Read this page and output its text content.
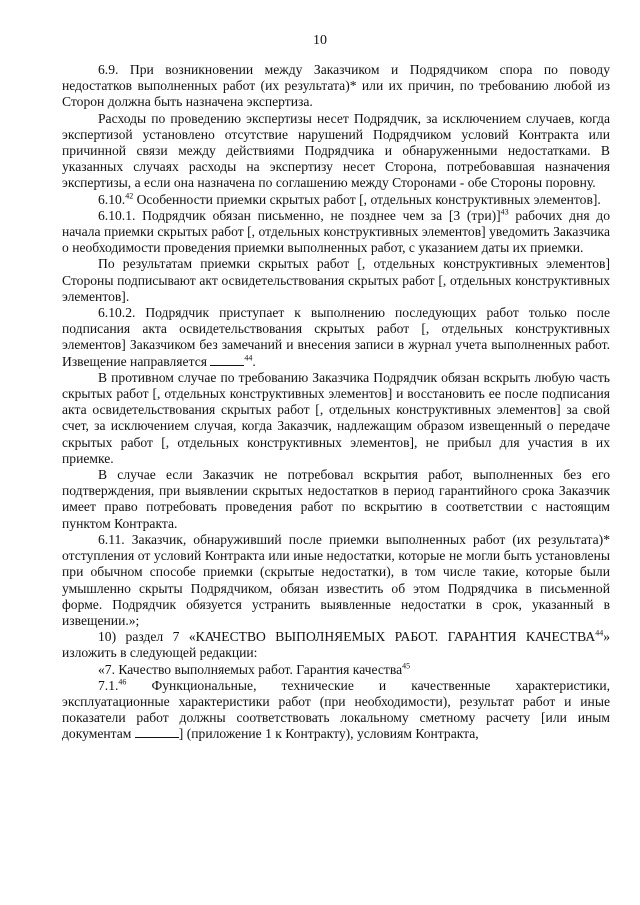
10

6.9. При возникновении между Заказчиком и Подрядчиком спора по поводу недостатков выполненных работ (их результата)* или их причин, по требованию любой из Сторон должна быть назначена экспертиза.

Расходы по проведению экспертизы несет Подрядчик, за исключением случаев, когда экспертизой установлено отсутствие нарушений Подрядчиком условий Контракта или причинной связи между действиями Подрядчика и обнаруженными недостатками. В указанных случаях расходы на экспертизу несет Сторона, потребовавшая назначения экспертизы, а если она назначена по соглашению между Сторонами - обе Стороны поровну.

6.10.42 Особенности приемки скрытых работ [, отдельных конструктивных элементов].

6.10.1. Подрядчик обязан письменно, не позднее чем за [3 (три)]$^{43}$ рабочих дня до начала приемки скрытых работ [, отдельных конструктивных элементов] уведомить Заказчика о необходимости проведения приемки выполненных работ, с указанием даты их приемки.

По результатам приемки скрытых работ [, отдельных конструктивных элементов] Стороны подписывают акт освидетельствования скрытых работ [, отдельных конструктивных элементов].

6.10.2. Подрядчик приступает к выполнению последующих работ только после подписания акта освидетельствования скрытых работ [, отдельных конструктивных элементов] Заказчиком без замечаний и внесения записи в журнал учета выполненных работ. Извещение направляется	$^{44}$.

В противном случае по требованию Заказчика Подрядчик обязан вскрыть любую часть скрытых работ [, отдельных конструктивных элементов] и восстановить ее после подписания акта освидетельствования скрытых работ [, отдельных конструктивных элементов] за свой счет, за исключением случая, когда Заказчик, надлежащим образом извещенный о передаче скрытых работ [, отдельных конструктивных элементов], не прибыл для участия в их приемке.

В случае если Заказчик не потребовал вскрытия работ, выполненных без его подтверждения, при выявлении скрытых недостатков в период гарантийного срока Заказчик имеет право потребовать проведения работ по вскрытию в соответствии с настоящим пунктом Контракта.

6.11. Заказчик, обнаруживший после приемки выполненных работ (их результата)* отступления от условий Контракта или иные недостатки, которые не могли быть установлены при обычном способе приемки (скрытые недостатки), в том числе такие, которые были умышленно скрыты Подрядчиком, обязан известить об этом Подрядчика в письменной форме. Подрядчик обязуется устранить выявленные недостатки в срок, указанный в извещении.»;

10) раздел 7 «КАЧЕСТВО ВЫПОЛНЯЕМЫХ РАБОТ. ГАРАНТИЯ КАЧЕСТВА$^{44}$» изложить в следующей редакции:

«7. Качество выполняемых работ. Гарантия качества$^{45}$

7.1.46 Функциональные, технические и качественные характеристики, эксплуатационные характеристики работ (при необходимости), результат работ и иные показатели работ должны соответствовать локальному сметному расчету [или иным документам	] (приложение 1 к Контракту), условиям Контракта,
